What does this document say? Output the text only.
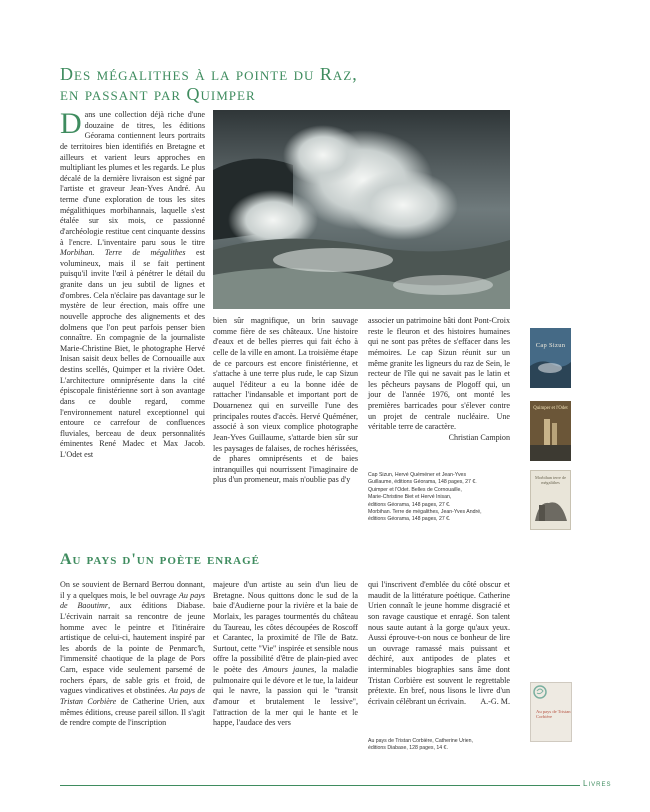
Des mégalithes à la pointe du Raz,
en passant par Quimper
Dans une collection déjà riche d'une douzaine de titres, les éditions Géorama contiennent leurs portraits de territoires bien identifiés en Bretagne et ailleurs et varient leurs approches en multipliant les plumes et les regards. Le plus décalé de la dernière livraison est signé par l'artiste et graveur Jean-Yves André. Au terme d'une exploration de tous les sites mégalithiques morbihannais, laquelle s'est étalée sur six mois, ce passionné d'archéologie restitue cent cinquante dessins à l'encre. L'inventaire paru sous le titre Morbihan. Terre de mégalithes est volumineux, mais il se fait pertinent puisqu'il invite l'œil à pénétrer le détail du granite dans un jeu subtil de lignes et d'ombres. Cela n'éclaire pas davantage sur le mystère de leur érection, mais offre une nouvelle approche des alignements et des dolmens que l'on peut parfois penser bien connaître. En compagnie de la journaliste Marie-Christine Biet, le photographe Hervé Inisan saisit deux belles de Cornouaille aux destins scellés, Quimper et la rivière Odet. L'architecture omniprésente dans la cité épiscopale finistérienne sort à son avantage dans ce double regard, comme l'environnement naturel exceptionnel qui entoure ce carrefour de confluences fluviales, berceau de deux personnalités éminentes René Madec et Max Jacob. L'Odet est
bien sûr magnifique, un brin sauvage comme fière de ses châteaux. Une histoire d'eaux et de belles pierres qui fait écho à celle de la ville en amont. La troisième étape de ce parcours est encore finistérienne, et s'attache à une terre plus rude, le cap Sizun auquel l'éditeur a eu la bonne idée de rattacher l'indansable et important port de Douarnenez qui en surveille l'une des principales routes d'accès. Hervé Quéméner, associé à son vieux complice photographe Jean-Yves Guillaume, s'attarde bien sûr sur les paysages de falaises, de roches hérissées, de phares omniprésents et de baies intranquilles qui nourrissent l'imaginaire de plus d'un promeneur, mais n'oublie pas d'y
associer un patrimoine bâti dont Pont-Croix reste le fleuron et des histoires humaines qui ne sont pas prêtes de s'effacer dans les mémoires. Le cap Sizun réunit sur un même granite les ligneurs du raz de Sein, le recteur de l'île qui ne savait pas le latin et les pêcheurs paysans de Plogoff qui, un jour de l'année 1976, ont monté les premières barricades pour s'élever contre un projet de centrale nucléaire. Une véritable terre de caractère.
Christian Campion
Cap Sizun, Hervé Quéméner et Jean-Yves
Guillaume, éditions Géorama, 148 pages, 27 €.
Quimper et l'Odet. Belles de Cornouaille,
Marie-Christine Biet et Hervé Inisan,
éditions Géorama, 148 pages, 27 €.
Morbihan. Terre de mégalithes, Jean-Yves André,
éditions Géorama, 148 pages, 27 €.
Cap Sizun
Quimper et l'Odet
Morbihan terre de mégalithes
Au pays d'un poète enragé
On se souvient de Bernard Berrou donnant, il y a quelques mois, le bel ouvrage Au pays de Baoutimr, aux éditions Diabase. L'écrivain narrait sa rencontre de jeune homme avec le peintre et l'itinéraire artistique de celui-ci, hautement inspiré par les abords de la pointe de Penmarc'h, l'immensité chaotique de la plage de Pors Carn, espace vide seulement parsemé de rochers épars, de sable gris et froid, de vagues vindicatives et obstinées. Au pays de Tristan Corbière de Catherine Urien, aux mêmes éditions, creuse pareil sillon. Il s'agit de rendre compte de l'inscription
majeure d'un artiste au sein d'un lieu de Bretagne. Nous quittons donc le sud de la baie d'Audierne pour la rivière et la baie de Morlaix, les parages tourmentés du château du Taureau, les côtes découpées de Roscoff et Carantec, la proximité de l'île de Batz. Surtout, cette "Vie" inspirée et sensible nous offre la possibilité d'être de plain-pied avec le poète des Amours jaunes, la maladie pulmonaire qui le dévore et le tue, la laideur qui le navre, la passion qui le "transit d'amour et brutalement le lessive", l'attraction de la mer qui le hante et le happe, l'audace des vers
qui l'inscrivent d'emblée du côté obscur et maudit de la littérature poétique. Catherine Urien connaît le jeune homme disgracié et son ravage caustique et enragé. Son talent nous saute autant à la gorge qu'aux yeux. Aussi éprouve-t-on nous ce bonheur de lire un ouvrage ramassé mais puissant et déchiré, aux antipodes de plates et interminables biographies sans âme dont Tristan Corbière est souvent le regrettable prétexte. En bref, nous lisons le livre d'un écrivain célébrant un écrivain. A.-G. M.
Au pays de Tristan Corbière, Catherine Urien,
éditions Diabase, 128 pages, 14 €.
Au pays de Tristan Corbière
Livres
